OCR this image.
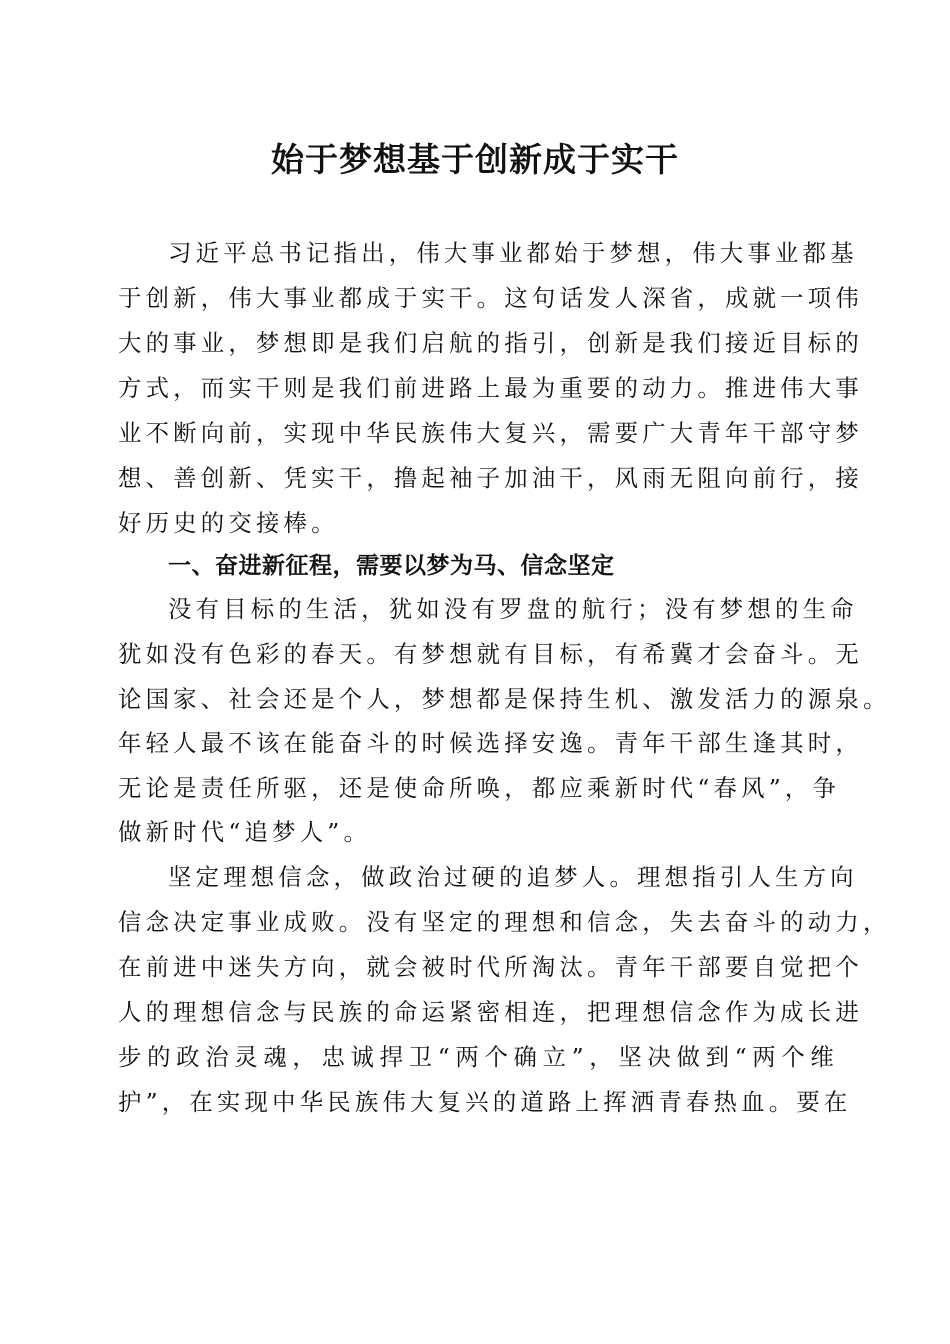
始于梦想基于创新成于实干

习近平总书记指出，伟大事业都始于梦想，伟大事业都基

于创新，伟大事业都成于实干。这句话发人深省，成就一项伟

大的事业，梦想即是我们启航的指引，创新是我们接近目标的

方式，而实干则是我们前进路上最为重要的动力。推进伟大事

业不断向前，实现中华民族伟大复兴，需要广大青年干部守梦

想、善创新、凭实干，撸起袖子加油干，风雨无阻向前行，接

好历史的交接棒。

一、奋进新征程，需要以梦为马、信念坚定

没有目标的生活，犹如没有罗盘的航行；没有梦想的生命

犹如没有色彩的春天。有梦想就有目标，有希冀才会奋斗。无

论国家、社会还是个人，梦想都是保持生机、激发活力的源泉。

年轻人最不该在能奋斗的时候选择安逸。青年干部生逢其时，

无论是责任所驱，还是使命所唤，都应乘新时代“春风”，争

做新时代“追梦人”。

坚定理想信念，做政治过硬的追梦人。理想指引人生方向

信念决定事业成败。没有坚定的理想和信念，失去奋斗的动力，

在前进中迷失方向，就会被时代所淘汰。青年干部要自觉把个

人的理想信念与民族的命运紧密相连，把理想信念作为成长进

步的政治灵魂，忠诚捍卫“两个确立”，坚决做到“两个维

护”，在实现中华民族伟大复兴的道路上挥洒青春热血。要在
